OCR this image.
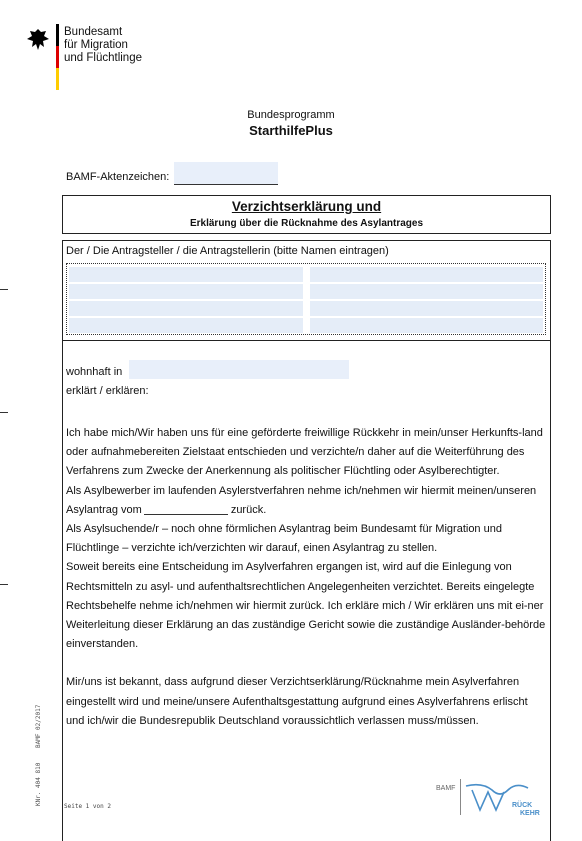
Bundesamt
für Migration
und Flüchtlinge
Bundesprogramm
StarthilfePlus
BAMF-Aktenzeichen:
Verzichtserklärung und
Erklärung über die Rücknahme des Asylantrages
Der / Die Antragsteller / die Antragstellerin (bitte Namen eintragen)
wohnhaft in
erklärt / erklären:

Ich habe mich/Wir haben uns für eine geförderte freiwillige Rückkehr in mein/unser Herkunfts-land oder aufnahmebereiten Zielstaat entschieden und verzichte/n daher auf die Weiterführung des Verfahrens zum Zwecke der Anerkennung als politischer Flüchtling oder Asylberechtigter.

Als Asylbewerber im laufenden Asylerstverfahren nehme ich/nehmen wir hiermit meinen/unseren Asylantrag vom	zurück.

Als Asylsuchende/r – noch ohne förmlichen Asylantrag beim Bundesamt für Migration und Flüchtlinge – verzichte ich/verzichten wir darauf, einen Asylantrag zu stellen.

Soweit bereits eine Entscheidung im Asylverfahren ergangen ist, wird auf die Einlegung von Rechtsmitteln zu asyl- und aufenthaltsrechtlichen Angelegenheiten verzichtet. Bereits eingelegte Rechtsbehelfe nehme ich/nehmen wir hiermit zurück. Ich erkläre mich / Wir erklären uns mit ei-ner Weiterleitung dieser Erklärung an das zuständige Gericht sowie die zuständige Ausländer-behörde einverstanden.

Mir/uns ist bekannt, dass aufgrund dieser Verzichtserklärung/Rücknahme mein Asylverfahren eingestellt wird und meine/unsere Aufenthaltsgestattung aufgrund eines Asylverfahrens erlischt und ich/wir die Bundesrepublik Deutschland voraussichtlich verlassen muss/müssen.

BAMF 02/2017
KNr. 404 810
Seite 1 von 2
BAMF
RÜCK
KEHR
